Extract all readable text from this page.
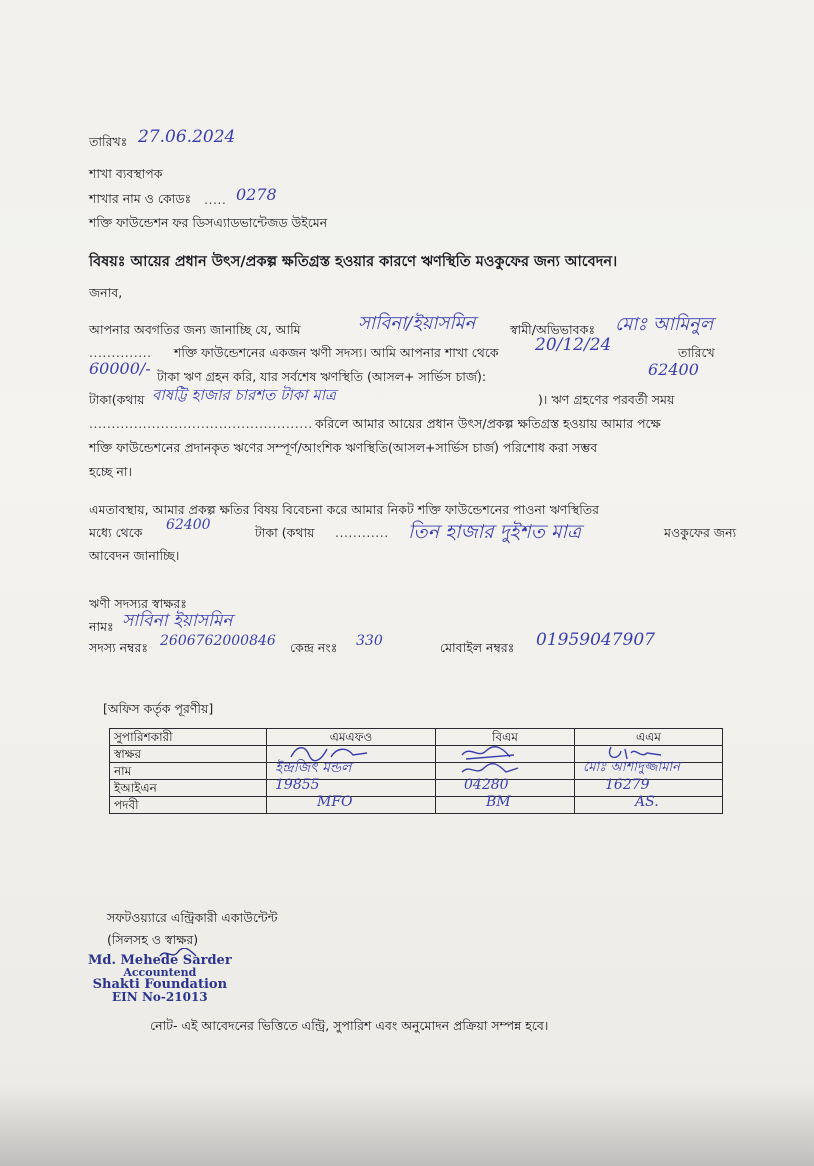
তারিখঃ 27.06.2024
শাখা ব্যবস্থাপক
শাখার নাম ও কোডঃ ..... 0278
শক্তি ফাউন্ডেশন ফর ডিসএ্যাডভান্টেজড উইমেন
বিষয়ঃ আয়ের প্রধান উৎস/প্রকল্প ক্ষতিগ্রস্ত হওয়ার কারণে ঋণস্থিতি মওকুফের জন্য আবেদন।
জনাব,
আপনার অবগতির জন্য জানাচ্ছি যে, আমি	সাবিনা/ইয়াসমিন	স্বামী/অভিভাবকঃ মোঃ আমিনুল
.............. শক্তি ফাউন্ডেশনের একজন ঋণী সদস্য। আমি আপনার শাখা থেকে 20/12/24	তারিখে
60000/- টাকা ঋণ গ্রহন করি, যার সর্বশেষ ঋণস্থিতি (আসল+ সার্ভিস চার্জ):	62400
টাকা(কথায় বাষট্টি হাজার চারশত টাকা মাত্র	)। ঋণ গ্রহণের পরবর্তী সময়
.................................................. করিলে আমার আয়ের প্রধান উৎস/প্রকল্প ক্ষতিগ্রস্ত হওয়ায় আমার পক্ষে
শক্তি ফাউন্ডেশনের প্রদানকৃত ঋণের সম্পূর্ণ/আংশিক ঋণস্থিতি(আসল+সার্ভিস চার্জ) পরিশোধ করা সম্ভব
হচ্ছে না।
এমতাবস্থায়, আমার প্রকল্প ক্ষতির বিষয় বিবেচনা করে আমার নিকট শক্তি ফাউন্ডেশনের পাওনা ঋণস্থিতির
মধ্যে থেকে 62400	টাকা (কথায় ............ তিন হাজার দুইশত মাত্র	মওকুফের জন্য
আবেদন জানাচ্ছি।
ঋণী সদস্যর স্বাক্ষরঃ
নামঃ সাবিনা ইয়াসমিন
সদস্য নম্বরঃ 2606762000846 কেন্দ্র নংঃ 330	মোবাইল নম্বরঃ 01959047907
[অফিস কর্তৃক পূরণীয়]
সুপারিশকারী	এমএফও	বিএম	এএম
স্বাক্ষর	

নাম	ইন্দ্রজিৎ মন্ডল		মোঃ আশাদুজ্জামান

ইআইএন	19855	04280	16279

পদবী	MFO	BM	AS.
সফটওয়্যারে এন্ট্রিকারী একাউন্টেন্ট
(সিলসহ ও স্বাক্ষর)
Md. Mehede Sarder
Accountend
Shakti Foundation
EIN No-21013
নোট- এই আবেদনের ভিত্তিতে এন্ট্রি, সুপারিশ এবং অনুমোদন প্রক্রিয়া সম্পন্ন হবে।
